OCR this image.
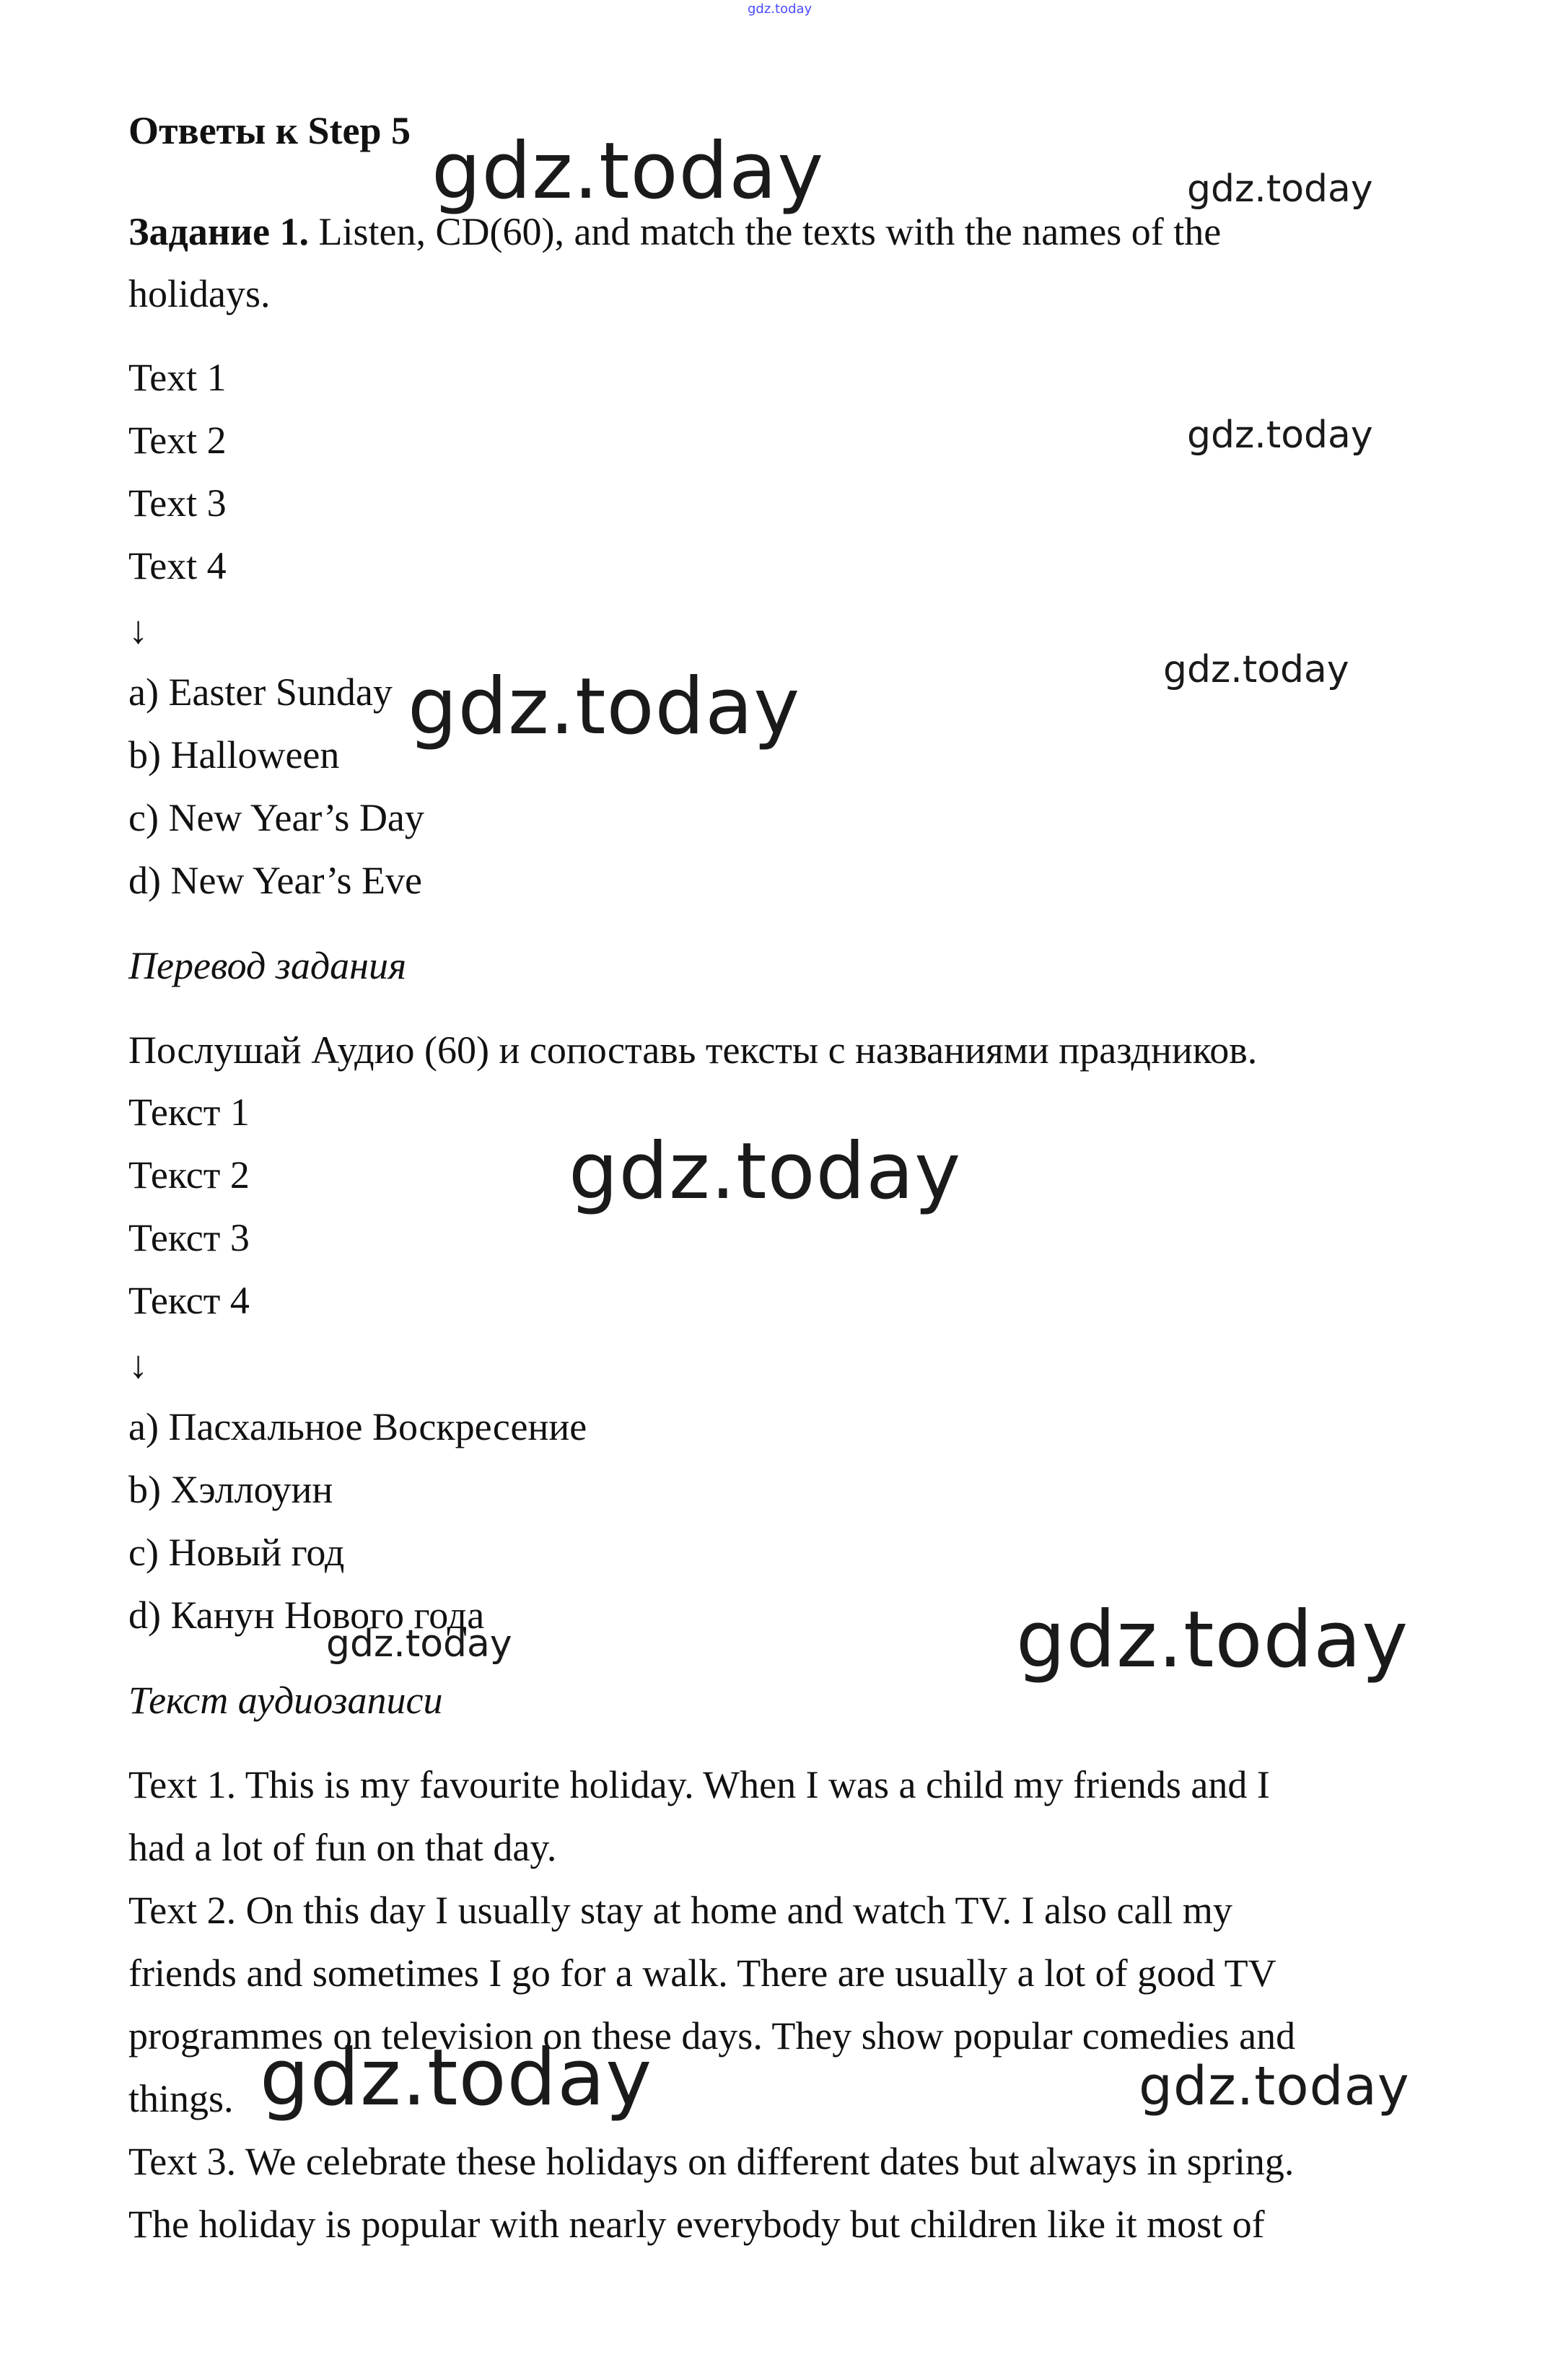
gdz.today
Ответы к Step 5
Задание 1. Listen, CD(60), and match the texts with the names of the
holidays.
Text 1
Text 2
Text 3
Text 4
↓
a) Easter Sunday
b) Halloween
c) New Year’s Day
d) New Year’s Eve
Перевод задания
Послушай Аудио (60) и сопоставь тексты с названиями праздников.
Текст 1
Текст 2
Текст 3
Текст 4
↓
a) Пасхальное Воскресение
b) Хэллоуин
c) Новый год
d) Канун Нового года
Текст аудиозаписи
Text 1. This is my favourite holiday. When I was a child my friends and I
had a lot of fun on that day.
Text 2. On this day I usually stay at home and watch TV. I also call my
friends and sometimes I go for a walk. There are usually a lot of good TV
programmes on television on these days. They show popular comedies and
things.
Text 3. We celebrate these holidays on different dates but always in spring.
The holiday is popular with nearly everybody but children like it most of
gdz.today	gdz.today
gdz.today
gdz.today
gdz.today
gdz.today
gdz.today
gdz.today
gdz.today	gdz.today
